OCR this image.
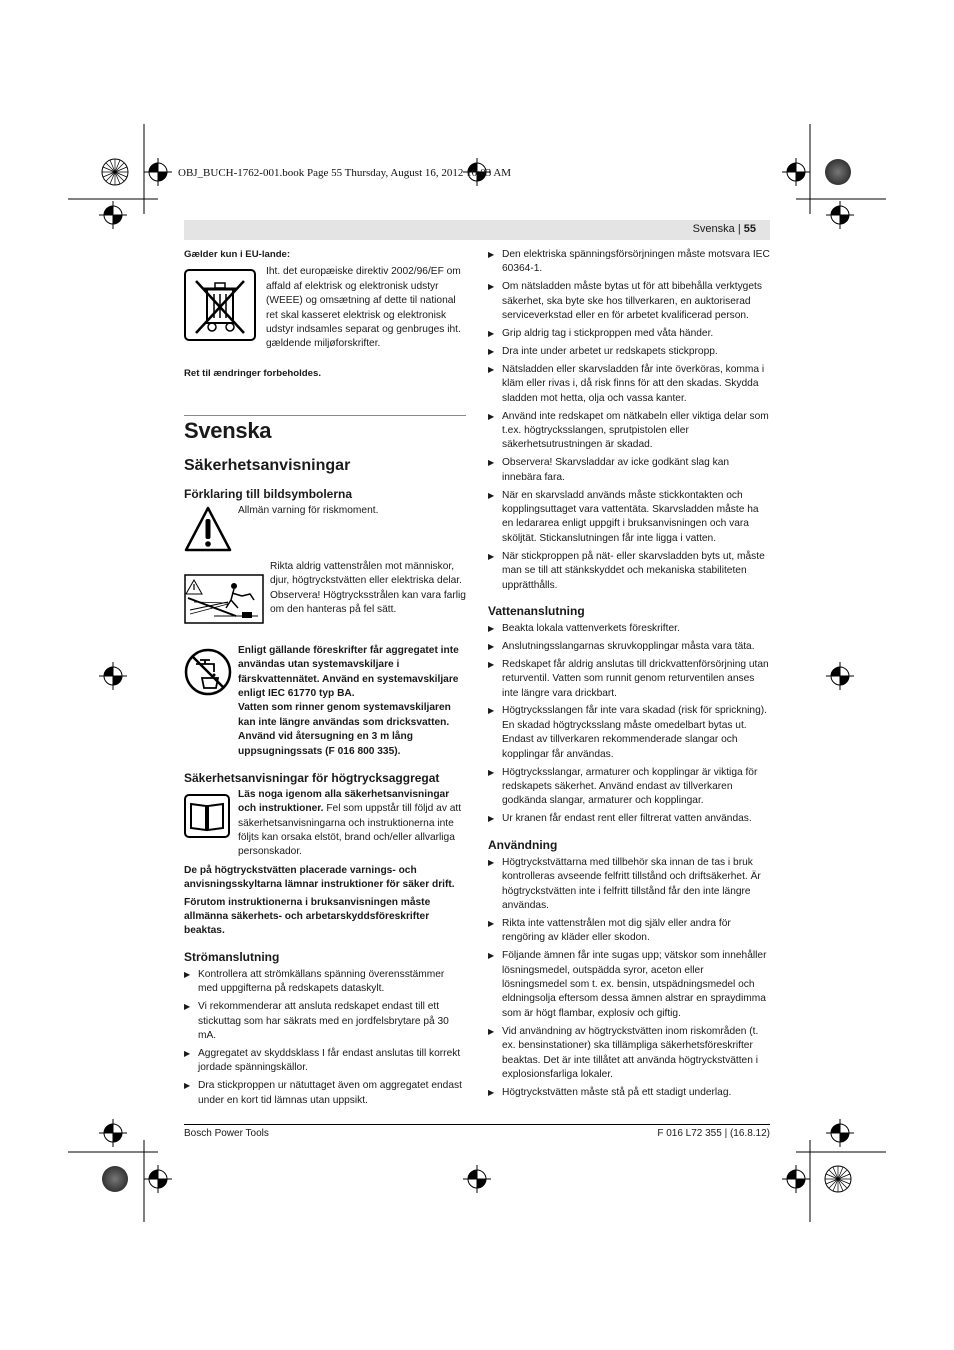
OBJ_BUCH-1762-001.book Page 55 Thursday, August 16, 2012 10:03 AM
Svenska | 55

Gælder kun i EU-lande:

Iht. det europæiske direktiv 2002/96/EF om affald af elektrisk og elektronisk udstyr (WEEE) og omsætning af dette til national ret skal kasseret elektrisk og elektronisk udstyr indsamles separat og genbruges iht. gældende miljøforskrifter.

Ret til ændringer forbeholdes.

Svenska
Säkerhetsanvisningar
Förklaring till bildsymbolerna

Allmän varning för riskmoment.

Rikta aldrig vattenstrålen mot människor, djur, högtryckstvätten eller elektriska delar.

Observera! Högtrycksstrålen kan vara farlig om den hanteras på fel sätt.

Enligt gällande föreskrifter får aggregatet inte användas utan systemavskiljare i färskvattennätet. Använd en systemavskiljare enligt IEC 61770 typ BA.

Vatten som rinner genom systemavskiljaren kan inte längre användas som dricksvatten. Använd vid återsugning en 3 m lång uppsugningssats (F 016 800 335).

Säkerhetsanvisningar för högtrycksaggregat

Läs noga igenom alla säkerhetsanvisningar och instruktioner. Fel som uppstår till följd av att säkerhetsanvisningarna och instruktionerna inte följts kan orsaka elstöt, brand och/eller allvarliga personskador.

De på högtryckstvätten placerade varnings- och anvisningsskyltarna lämnar instruktioner för säker drift.

Förutom instruktionerna i bruksanvisningen måste allmänna säkerhets- och arbetarskyddsföreskrifter beaktas.

Strömanslutning
▶ Kontrollera att strömkällans spänning överensstämmer med uppgifterna på redskapets dataskylt.
▶ Vi rekommenderar att ansluta redskapet endast till ett stickuttag som har säkrats med en jordfelsbrytare på 30 mA.
▶ Aggregatet av skyddsklass I får endast anslutas till korrekt jordade spänningskällor.
▶ Dra stickproppen ur nätuttaget även om aggregatet endast under en kort tid lämnas utan uppsikt.
▶ Den elektriska spänningsförsörjningen måste motsvara IEC 60364-1.
▶ Om nätsladden måste bytas ut för att bibehålla verktygets säkerhet, ska byte ske hos tillverkaren, en auktoriserad serviceverkstad eller en för arbetet kvalificerad person.
▶ Grip aldrig tag i stickproppen med våta händer.
▶ Dra inte under arbetet ur redskapets stickpropp.
▶ Nätsladden eller skarvsladden får inte överköras, komma i kläm eller rivas i, då risk finns för att den skadas. Skydda sladden mot hetta, olja och vassa kanter.
▶ Använd inte redskapet om nätkabeln eller viktiga delar som t.ex. högtrycksslangen, sprutpistolen eller säkerhetsutrustningen är skadad.
▶ Observera! Skarvsladdar av icke godkänt slag kan innebära fara.
▶ När en skarvsladd används måste stickkontakten och kopplingsuttaget vara vattentäta. Skarvsladden måste ha en ledararea enligt uppgift i bruksanvisningen och vara skölјtät. Stickanslutningen får inte ligga i vatten.
▶ När stickproppen på nät- eller skarvsladden byts ut, måste man se till att stänkskyddet och mekaniska stabiliteten upprätthålls.
Vattenanslutning
▶ Beakta lokala vattenverkets föreskrifter.
▶ Anslutningsslangarnas skruvkopplingar måsta vara täta.
▶ Redskapet får aldrig anslutas till drickvattenförsörjning utan returventil. Vatten som runnit genom returventilen anses inte längre vara drickbart.
▶ Högtrycksslangen får inte vara skadad (risk för sprickning). En skadad högtrycksslang måste omedelbart bytas ut. Endast av tillverkaren rekommenderade slangar och kopplingar får användas.
▶ Högtrycksslangar, armaturer och kopplingar är viktiga för redskapets säkerhet. Använd endast av tillverkaren godkända slangar, armaturer och kopplingar.
▶ Ur kranen får endast rent eller filtrerat vatten användas.
Användning
▶ Högtryckstvättarna med tillbehör ska innan de tas i bruk kontrolleras avseende felfritt tillstånd och driftsäkerhet. Är högtryckstvätten inte i felfritt tillstånd får den inte längre användas.
▶ Rikta inte vattenstrålen mot dig själv eller andra för rengöring av kläder eller skodon.
▶ Följande ämnen får inte sugas upp; vätskor som innehåller lösningsmedel, outspädda syror, aceton eller lösningsmedel som t. ex. bensin, utspädningsmedel och eldningsolja eftersom dessa ämnen alstrar en spraydimma som är högt flambar, explosiv och giftig.
▶ Vid användning av högtryckstvätten inom riskområden (t. ex. bensinstationer) ska tillämpliga säkerhetsföreskrifter beaktas. Det är inte tillåtet att använda högtryckstvätten i explosionsfarliga lokaler.
▶ Högtryckstvätten måste stå på ett stadigt underlag.
Bosch Power Tools	F 016 L72 355 | (16.8.12)
